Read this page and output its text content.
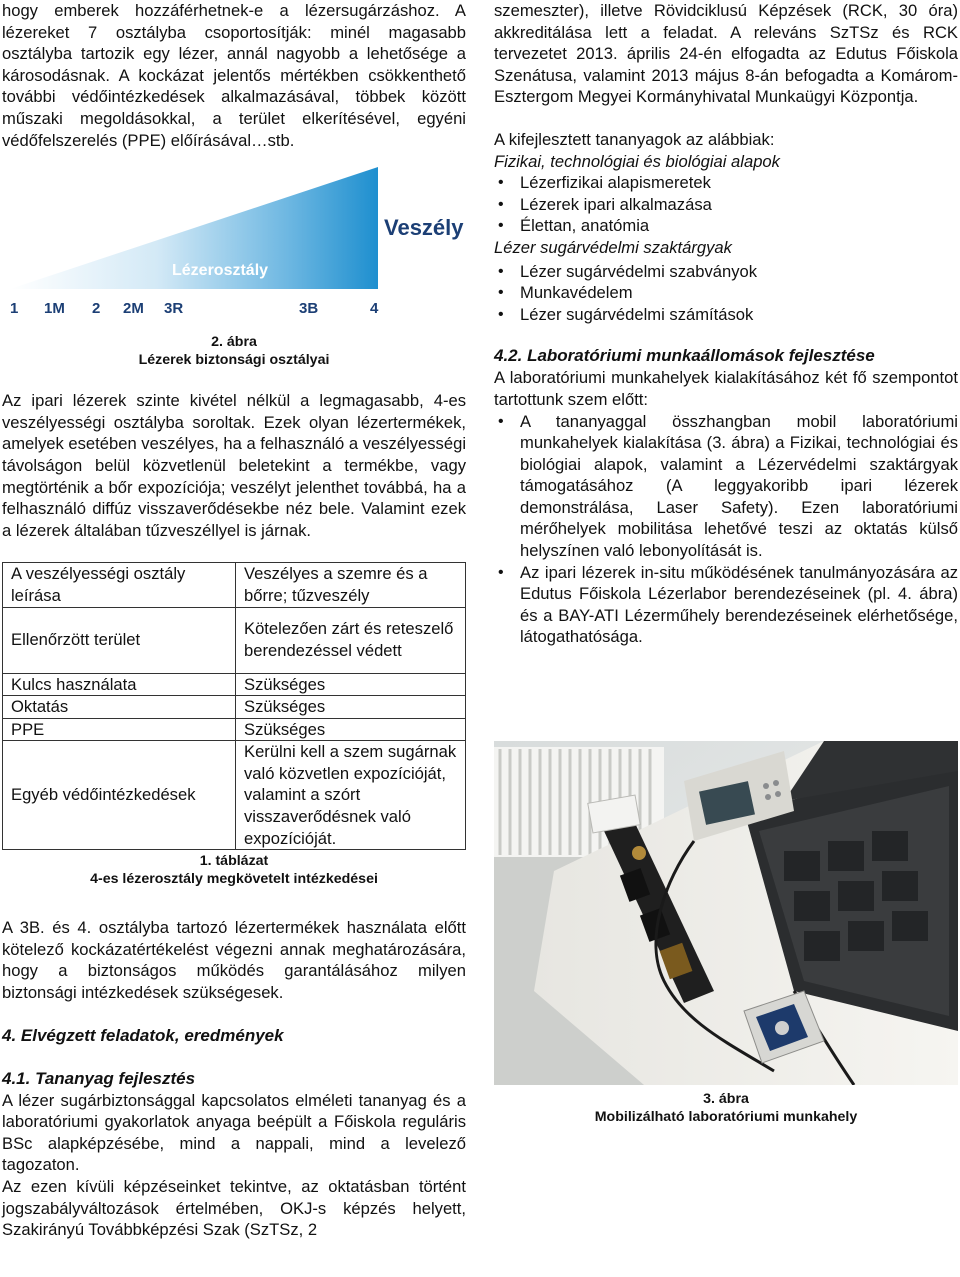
hogy emberek hozzáférhetnek-e a lézersugárzáshoz. A lézereket 7 osztályba csoportosítják: minél magasabb osztályba tartozik egy lézer, annál nagyobb a lehetősége a károsodásnak. A kockázat jelentős mértékben csökkenthető további védőintézkedések alkalmazásával, többek között műszaki megoldásokkal, a terület elkerítésével, egyéni védőfelszerelés (PPE) előírásával…stb.

Veszély
Lézerosztály
1 1M 2 2M 3R	3B	4
2. ábra
Lézerek biztonsági osztályai

Az ipari lézerek szinte kivétel nélkül a legmagasabb, 4-es veszélyességi osztályba soroltak. Ezek olyan lézertermékek, amelyek esetében veszélyes, ha a felhasználó a veszélyességi távolságon belül közvetlenül beletekint a termékbe, vagy megtörténik a bőr expozíciója; veszélyt jelenthet továbbá, ha a felhasználó diffúz visszaverődésekbe néz bele. Valamint ezek a lézerek általában tűzveszéllyel is járnak.

A veszélyességi osztály leírása	Veszélyes a szemre és a bőrre; tűzveszély
Ellenőrzött terület	Kötelezően zárt és reteszelő berendezéssel védett
Kulcs használata	Szükséges
Oktatás	Szükséges
PPE	Szükséges
Egyéb védőintézkedések	Kerülni kell a szem sugárnak való közvetlen expozícióját, valamint a szórt visszaverődésnek való expozícióját.
1. táblázat
4-es lézerosztály megkövetelt intézkedései

A 3B. és 4. osztályba tartozó lézertermékek használata előtt kötelező kockázatértékelést végezni annak meghatározására, hogy a biztonságos működés garantálásához milyen biztonsági intézkedések szükségesek.

4. Elvégzett feladatok, eredmények
4.1. Tananyag fejlesztés

A lézer sugárbiztonsággal kapcsolatos elméleti tananyag és a laboratóriumi gyakorlatok anyaga beépült a Főiskola reguláris BSc alapképzésébe, mind a nappali, mind a levelező tagozaton.

Az ezen kívüli képzéseinket tekintve, az oktatásban történt jogszabályváltozások értelmében, OKJ-s képzés helyett, Szakirányú Továbbképzési Szak (SzTSz, 2

szemeszter), illetve Rövidciklusú Képzések (RCK, 30 óra) akkreditálása lett a feladat. A releváns SzTSz és RCK tervezetet 2013. április 24-én elfogadta az Edutus Főiskola Szenátusa, valamint 2013 május 8-án befogadta a Komárom-Esztergom Megyei Kormányhivatal Munkaügyi Központja.

A kifejlesztett tananyagok az alábbiak:

Fizikai, technológiai és biológiai alapok
• Lézerfizikai alapismeretek
• Lézerek ipari alkalmazása
• Élettan, anatómia
Lézer sugárvédelmi szaktárgyak
• Lézer sugárvédelmi szabványok
• Munkavédelem
• Lézer sugárvédelmi számítások
4.2. Laboratóriumi munkaállomások fejlesztése

A laboratóriumi munkahelyek kialakításához két fő szempontot tartottunk szem előtt:

• A tananyaggal összhangban mobil laboratóriumi munkahelyek kialakítása (3. ábra) a Fizikai, technológiai és biológiai alapok, valamint a Lézervédelmi szaktárgyak támogatásához (A leggyakoribb ipari lézerek demonstrálása, Laser Safety). Ezen laboratóriumi mérőhelyek mobilitása lehetővé teszi az oktatás külső helyszínen való lebonyolítását is.
• Az ipari lézerek in-situ működésének tanulmányozására az Edutus Főiskola Lézerlabor berendezéseinek (pl. 4. ábra) és a BAY-ATI Lézerműhely berendezéseinek elérhetősége, látogathatósága.
3. ábra
Mobilizálható laboratóriumi munkahely
